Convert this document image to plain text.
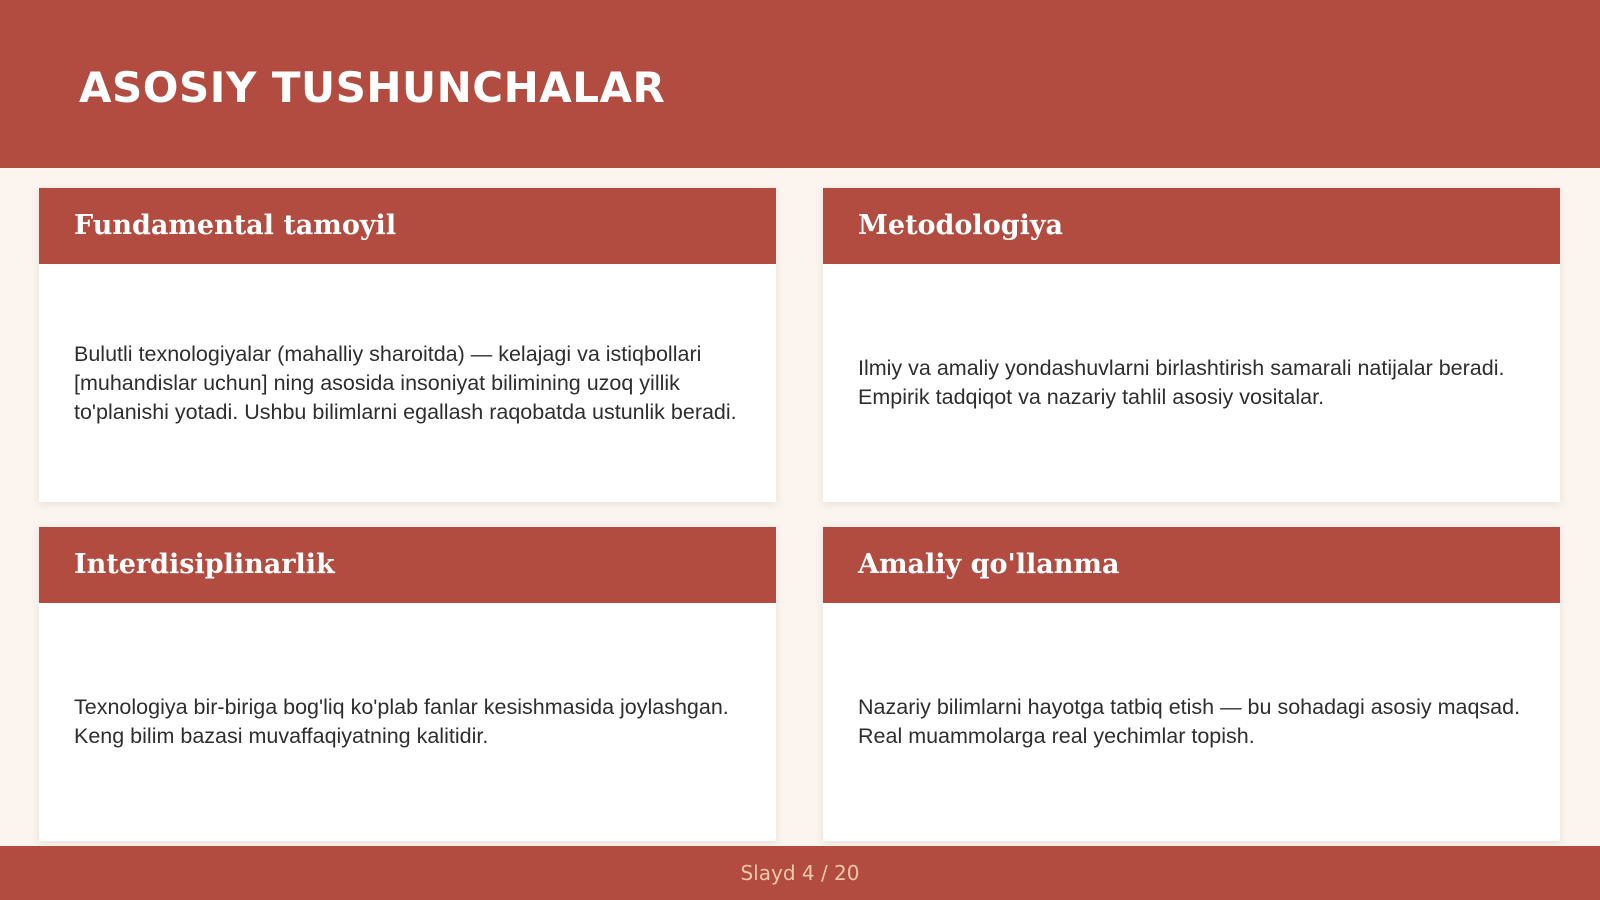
ASOSIY TUSHUNCHALAR
Fundamental tamoyil

Bulutli texnologiyalar (mahalliy sharoitda) — kelajagi va istiqbollari [muhandislar uchun] ning asosida insoniyat bilimining uzoq yillik to'planishi yotadi. Ushbu bilimlarni egallash raqobatda ustunlik beradi.

Metodologiya

Ilmiy va amaliy yondashuvlarni birlashtirish samarali natijalar beradi. Empirik tadqiqot va nazariy tahlil asosiy vositalar.

Interdisiplinarlik

Texnologiya bir-biriga bog'liq ko'plab fanlar kesishmasida joylashgan. Keng bilim bazasi muvaffaqiyatning kalitidir.

Amaliy qo'llanma

Nazariy bilimlarni hayotga tatbiq etish — bu sohadagi asosiy maqsad. Real muammolarga real yechimlar topish.

Slayd 4 / 20
